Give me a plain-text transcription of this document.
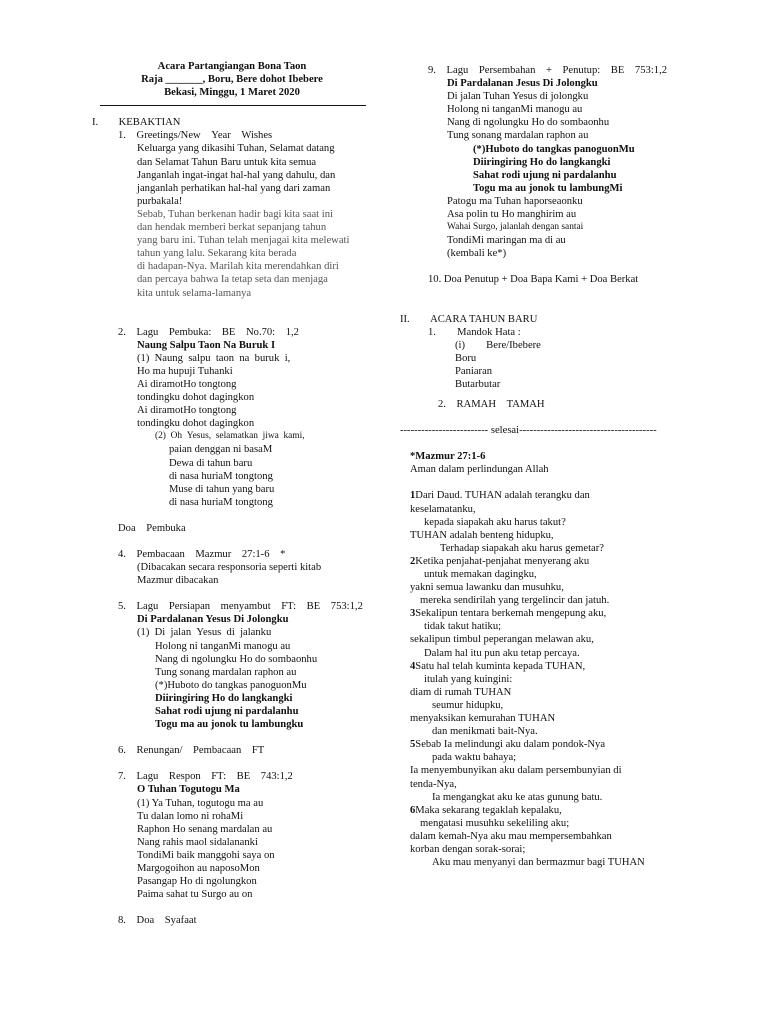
Acara Partangiangan Bona Taon
Raja _______, Boru, Bere dohot Ibebere
Bekasi, Minggu, 1 Maret 2020
I. KEBAKTIAN
1.  Greetings/New  Year  Wishes
Keluarga yang dikasihi Tuhan, Selamat datang
dan Selamat Tahun Baru untuk kita semua
Janganlah ingat-ingat hal-hal yang dahulu, dan
janganlah perhatikan hal-hal yang dari zaman
purbakala!
Sebab, Tuhan berkenan hadir bagi kita saat ini
dan hendak memberi berkat sepanjang tahun
yang baru ini. Tuhan telah menjagai kita melewati
tahun yang lalu. Sekarang kita berada
di hadapan-Nya. Marilah kita merendahkan diri
dan percaya bahwa Ia tetap seta dan menjaga
kita untuk selama-lamanya
2.  Lagu  Pembuka:  BE  No.70:  1,2
Naung Salpu Taon Na Buruk I
(1) Naung salpu taon na buruk i,
Ho ma hupuji Tuhanki
Ai diramotHo tongtong
tondingku dohot dagingkon
Ai diramotHo tongtong
tondingku dohot dagingkon
(2) Oh Yesus, selamatkan jiwa kami,
paian denggan ni basaM
Dewa di tahun baru
di nasa huriaM tongtong
Muse di tahun yang baru
di nasa huriaM tongtong
Doa  Pembuka
4.  Pembacaan  Mazmur  27:1-6  *
(Dibacakan secara responsoria seperti kitab
Mazmur dibacakan
5.  Lagu  Persiapan  menyambut  FT:  BE  753:1,2
Di Pardalanan Yesus Di Jolongku
(1) Di jalan Yesus di jalanku
Holong ni tanganMi manogu au
Nang di ngolungku Ho do sombaonhu
Tung sonang mardalan raphon au
(*)Huboto do tangkas panoguonMu
Diiringiring Ho do langkangki
Sahat rodi ujung ni pardalanhu
Togu ma au jonok tu lambungku
6.  Renungan/  Pembacaan  FT
7.  Lagu  Respon  FT:  BE  743:1,2
O Tuhan Togutogu Ma
(1) Ya Tuhan, togutogu ma au
Tu dalan lomo ni rohaMi
Raphon Ho senang mardalan au
Nang rahis maol sidalananki
TondiMi baik manggohi saya on
Margogoihon au naposoMon
Pasangap Ho di ngolungkon
Paima sahat tu Surgo au on
8.  Doa  Syafaat
9.  Lagu  Persembahan  +  Penutup:  BE  753:1,2
Di Pardalanan Jesus Di Jolongku
Di jalan Tuhan Yesus di jolongku
Holong ni tanganMi manogu au
Nang di ngolungku Ho do sombaonhu
Tung sonang mardalan raphon au
(*)Huboto do tangkas panoguonMu
Diiringiring Ho do langkangki
Sahat rodi ujung ni pardalanhu
Togu ma au jonok tu lambungMi
Patogu ma Tuhan haporseaonku
Asa polin tu Ho manghirim au
Wahai Surgo, jalanlah dengan santai
TondiMi maringan ma di au
(kembali ke*)
10. Doa Penutup + Doa Bapa Kami + Doa Berkat
II. ACARA TAHUN BARU
1.    Mandok Hata :
(i)    Bere/Ibebere
Boru
Paniaran
Butarbutar
2.  RAMAH  TAMAH
------------------------- selesai---------------------------------------
*Mazmur 27:1-6
Aman dalam perlindungan Allah
1Dari Daud. TUHAN adalah terangku dan
keselamatanku,
kepada siapakah aku harus takut?
TUHAN adalah benteng hidupku,
Terhadap siapakah aku harus gemetar?
2Ketika penjahat-penjahat menyerang aku
untuk memakan dagingku,
yakni semua lawanku dan musuhku,
mereka sendirilah yang tergelincir dan jatuh.
3Sekalipun tentara berkemah mengepung aku,
tidak takut hatiku;
sekalipun timbul peperangan melawan aku,
Dalam hal itu pun aku tetap percaya.
4Satu hal telah kuminta kepada TUHAN,
itulah yang kuingini:
diam di rumah TUHAN
seumur hidupku,
menyaksikan kemurahan TUHAN
dan menikmati bait-Nya.
5Sebab Ia melindungi aku dalam pondok-Nya
pada waktu bahaya;
Ia menyembunyikan aku dalam persembunyian di
tenda-Nya,
Ia mengangkat aku ke atas gunung batu.
6Maka sekarang tegaklah kepalaku,
mengatasi musuhku sekeliling aku;
dalam kemah-Nya aku mau mempersembahkan
korban dengan sorak-sorai;
Aku mau menyanyi dan bermazmur bagi TUHAN
